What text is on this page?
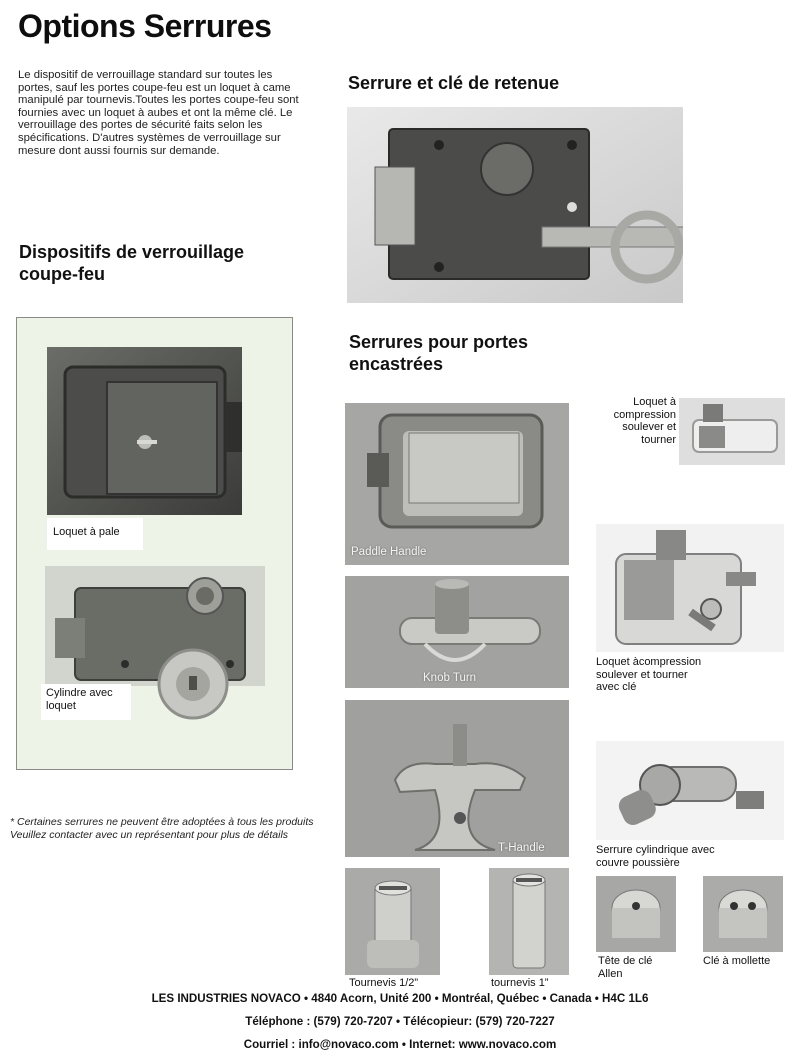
Options Serrures
Le dispositif de verrouillage standard sur toutes les portes, sauf les portes coupe-feu est un loquet à came manipulé par tournevis.Toutes les portes coupe-feu sont fournies avec un loquet à aubes et ont la même clé. Le verrouillage des portes de sécurité faits selon les spécifications. D'autres systèmes de verrouillage sur mesure dont aussi fournis sur demande.
Dispositifs de verrouillage
coupe-feu
Loquet à pale
Cylindre avec
loquet
* Certaines serrures ne peuvent être adoptées à tous les produits
Veuillez contacter avec un représentant pour plus de détails
Serrure et clé de retenue
Serrures pour portes
encastrées
Paddle Handle
Knob Turn
T-Handle
Loquet à
compression
soulever et
tourner
Loquet àcompression
soulever et tourner
avec clé
Serrure cylindrique avec
couvre poussière
Tournevis 1/2”	tournevis 1”
Tête de clé
Allen
Clé à mollette
LES INDUSTRIES NOVACO • 4840 Acorn, Unité 200 • Montréal, Québec • Canada • H4C 1L6
Téléphone : (579) 720-7207 • Télécopieur: (579) 720-7227
Courriel : info@novaco.com • Internet: www.novaco.com
